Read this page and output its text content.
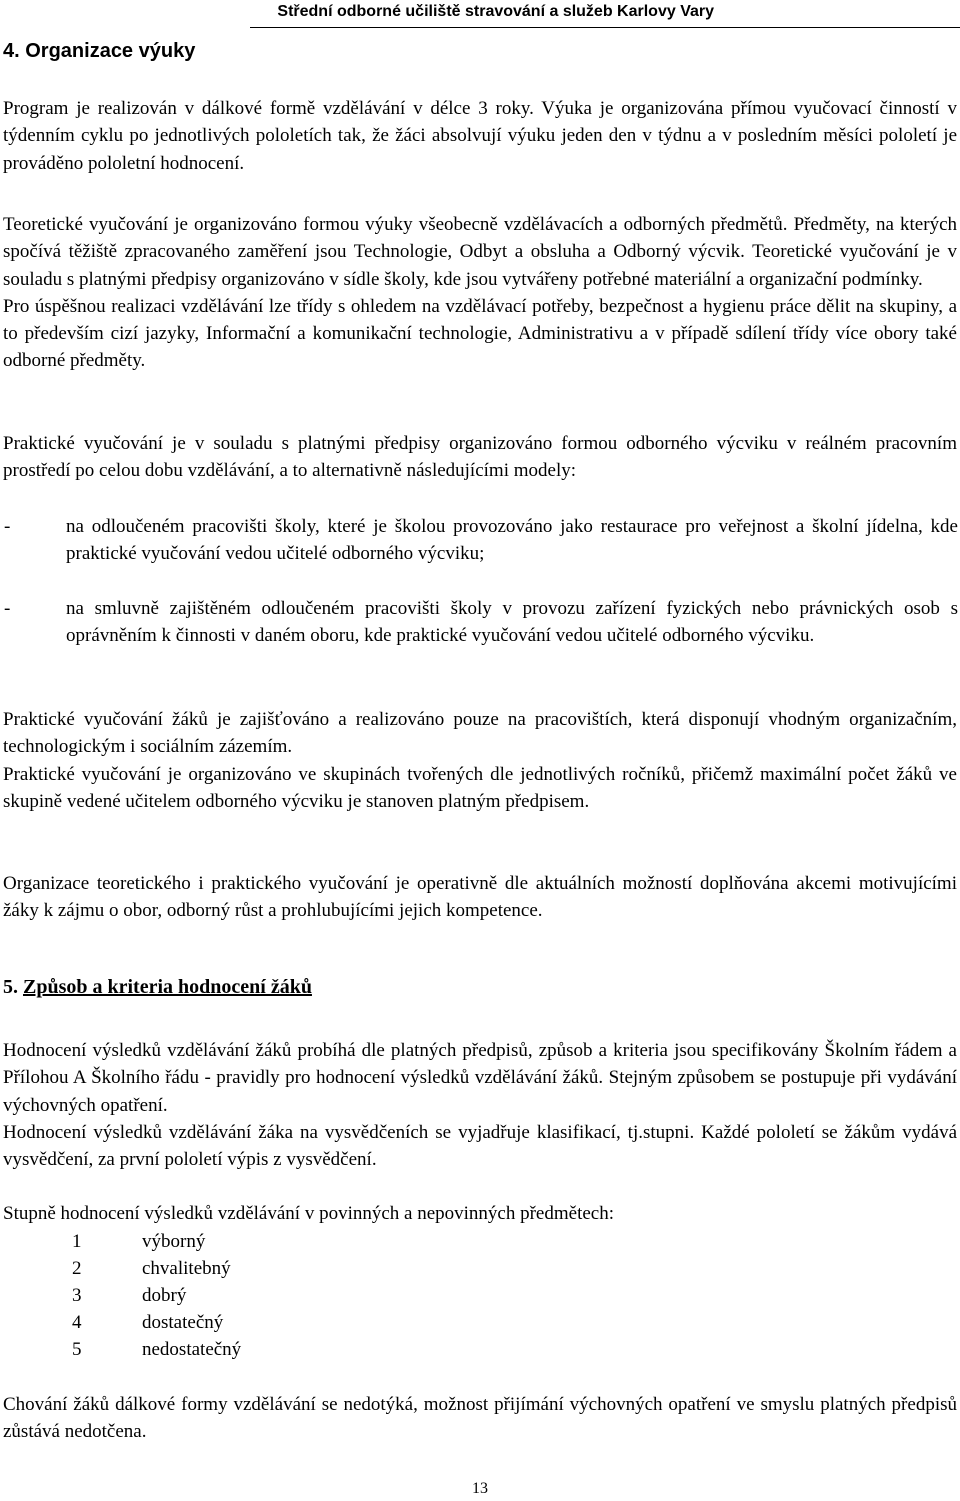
Střední odborné učiliště stravování a služeb Karlovy Vary
4. Organizace výuky

Program je realizován v dálkové formě vzdělávání v délce 3 roky. Výuka je organizována přímou vyučovací činností v týdenním cyklu po jednotlivých pololetích tak, že žáci absolvují výuku jeden den v týdnu a v posledním měsíci pololetí je prováděno pololetní hodnocení.

Teoretické vyučování je organizováno formou výuky všeobecně vzdělávacích a odborných předmětů. Předměty, na kterých spočívá těžiště zpracovaného zaměření jsou Technologie, Odbyt a obsluha a Odborný výcvik. Teoretické vyučování je v souladu s platnými předpisy organizováno v sídle školy, kde jsou vytvářeny potřebné materiální a organizační podmínky.

Pro úspěšnou realizaci vzdělávání lze třídy s ohledem na vzdělávací potřeby, bezpečnost a hygienu práce dělit na skupiny, a to především cizí jazyky, Informační a komunikační technologie, Administrativu a v případě sdílení třídy více obory také odborné předměty.

Praktické vyučování je v souladu s platnými předpisy organizováno formou odborného výcviku v reálném pracovním prostředí po celou dobu vzdělávání, a to alternativně následujícími modely:

-	na odloučeném pracovišti školy, které je školou provozováno jako restaurace pro veřejnost a školní jídelna, kde praktické vyučování vedou učitelé odborného výcviku;
-	na smluvně zajištěném odloučeném pracovišti školy v provozu zařízení fyzických nebo právnických osob s oprávněním k činnosti v daném oboru, kde praktické vyučování vedou učitelé odborného výcviku.

Praktické vyučování žáků je zajišťováno a realizováno pouze na pracovištích, která disponují vhodným organizačním, technologickým i sociálním zázemím.

Praktické vyučování je organizováno ve skupinách tvořených dle jednotlivých ročníků, přičemž maximální počet žáků ve skupině vedené učitelem odborného výcviku je stanoven platným předpisem.

Organizace teoretického i praktického vyučování je operativně dle aktuálních možností doplňována akcemi motivujícími žáky k zájmu o obor, odborný růst a prohlubujícími jejich kompetence.

5. Způsob a kriteria hodnocení žáků

Hodnocení výsledků vzdělávání žáků probíhá dle platných předpisů, způsob a kriteria jsou specifikovány Školním řádem a Přílohou A Školního řádu - pravidly pro hodnocení výsledků vzdělávání žáků. Stejným způsobem se postupuje při vydávání výchovných opatření.

Hodnocení výsledků vzdělávání žáka na vysvědčeních se vyjadřuje klasifikací, tj.stupni. Každé pololetí se žákům vydává vysvědčení, za první pololetí výpis z vysvědčení.

Stupně hodnocení výsledků vzdělávání v povinných a nepovinných předmětech:

1	výborný
2	chvalitebný
3	dobrý
4	dostatečný
5	nedostatečný

Chování žáků dálkové formy vzdělávání se nedotýká, možnost přijímání výchovných opatření ve smyslu platných předpisů zůstává nedotčena.

13
